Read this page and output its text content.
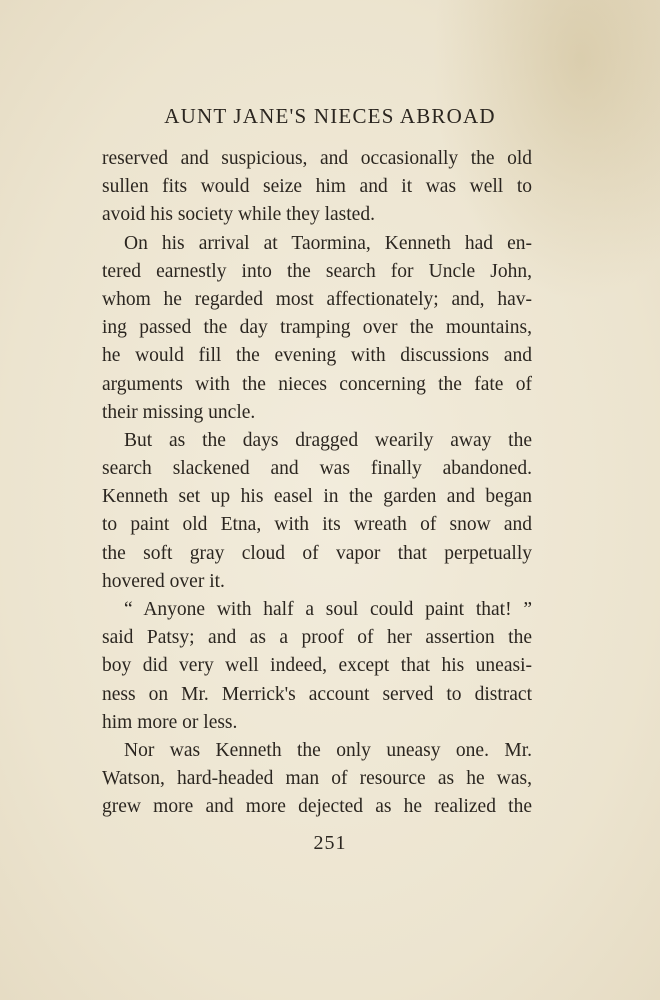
AUNT JANE'S NIECES ABROAD
reserved and suspicious, and occasionally the old
sullen fits would seize him and it was well to
avoid his society while they lasted.
On his arrival at Taormina, Kenneth had en-
tered earnestly into the search for Uncle John,
whom he regarded most affectionately; and, hav-
ing passed the day tramping over the mountains,
he would fill the evening with discussions and
arguments with the nieces concerning the fate of
their missing uncle.
But as the days dragged wearily away the
search slackened and was finally abandoned.
Kenneth set up his easel in the garden and began
to paint old Etna, with its wreath of snow and
the soft gray cloud of vapor that perpetually
hovered over it.
“ Anyone with half a soul could paint that! ”
said Patsy; and as a proof of her assertion the
boy did very well indeed, except that his uneasi-
ness on Mr. Merrick's account served to distract
him more or less.
Nor was Kenneth the only uneasy one. Mr.
Watson, hard-headed man of resource as he was,
grew more and more dejected as he realized the
251
